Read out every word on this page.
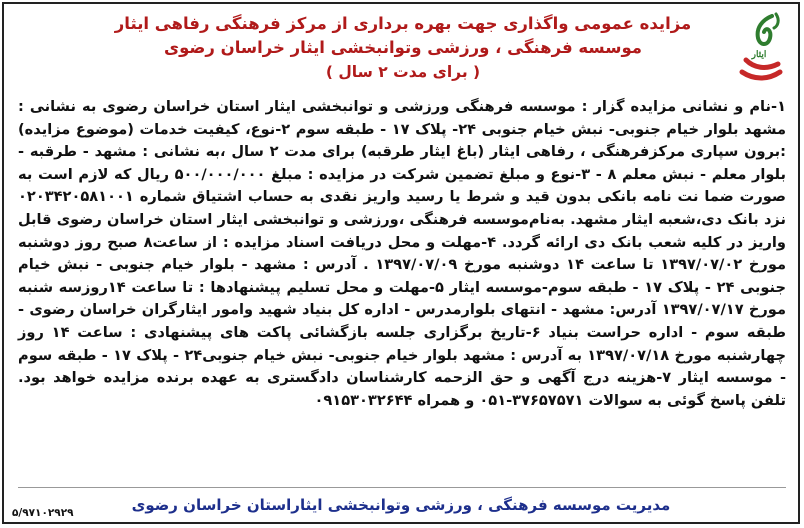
ایثار
مزایده عمومی واگذاری جهت بهره برداری از مرکز فرهنگی رفاهی ایثار
موسسه فرهنگی ، ورزشی وتوانبخشی ایثار خراسان رضوی
( برای مدت ۲ سال )
۱-نام و نشانی مزایده گزار : موسسه فرهنگی ورزشی و توانبخشی ایثار استان خراسان رضوی به نشانی : مشهد بلوار خیام جنوبی- نبش خیام جنوبی ۲۴- پلاک ۱۷ - طبقه سوم ۲-نوع، کیفیت خدمات (موضوع مزایده) :برون سپاری مرکزفرهنگی ، رفاهی ایثار (باغ ایثار طرقبه) برای مدت ۲ سال ،به نشانی : مشهد - طرقبه - بلوار معلم - نبش معلم ۸ - ۳-نوع و مبلغ تضمین شرکت در مزایده : مبلغ ۵۰۰/۰۰۰/۰۰۰ ریال که لازم است به صورت ضما نت نامه بانکی بدون قید و شرط یا رسید واریز نقدی به حساب اشتیاق شماره ۰۲۰۳۴۲۰۵۸۱۰۰۱ نزد بانک دی،شعبه ایثار مشهد. به‌نام‌موسسه فرهنگی ،ورزشی و توانبخشی ایثار استان خراسان رضوی قابل واریز در کلیه شعب بانک دی ارائه گردد. ۴-مهلت و محل دریافت اسناد مزایده : از ساعت۸ صبح روز دوشنبه مورخ ۱۳۹۷/۰۷/۰۲ تا ساعت ۱۴ دوشنبه مورخ ۱۳۹۷/۰۷/۰۹ . آدرس : مشهد - بلوار خیام جنوبی - نبش خیام جنوبی ۲۴ - پلاک ۱۷ - طبقه سوم-موسسه ایثار ۵-مهلت و محل تسلیم پیشنهادها : تا ساعت ۱۴روزسه شنبه مورخ ۱۳۹۷/۰۷/۱۷ آدرس: مشهد - انتهای بلوارمدرس - اداره کل بنیاد شهید وامور ایثارگران خراسان رضوی - طبقه سوم - اداره حراست بنیاد ۶-تاریخ برگزاری جلسه بازگشائی پاکت های پیشنهادی : ساعت ۱۴ روز چهارشنبه مورخ ۱۳۹۷/۰۷/۱۸ به آدرس : مشهد بلوار خیام جنوبی- نبش خیام جنوبی۲۴ - پلاک ۱۷ - طبقه سوم - موسسه ایثار ۷-هزینه درج آگهی و حق الزحمه کارشناسان دادگستری به عهده برنده مزایده خواهد بود. تلفن پاسخ گوئی به سوالات ۳۷۶۵۷۵۷۱-۰۵۱ و همراه ۰۹۱۵۳۰۳۲۶۴۴
مدیریت موسسه فرهنگی ، ورزشی وتوانبخشی ایثاراستان خراسان رضوی
۵/۹۷۱۰۲۹۲۹
